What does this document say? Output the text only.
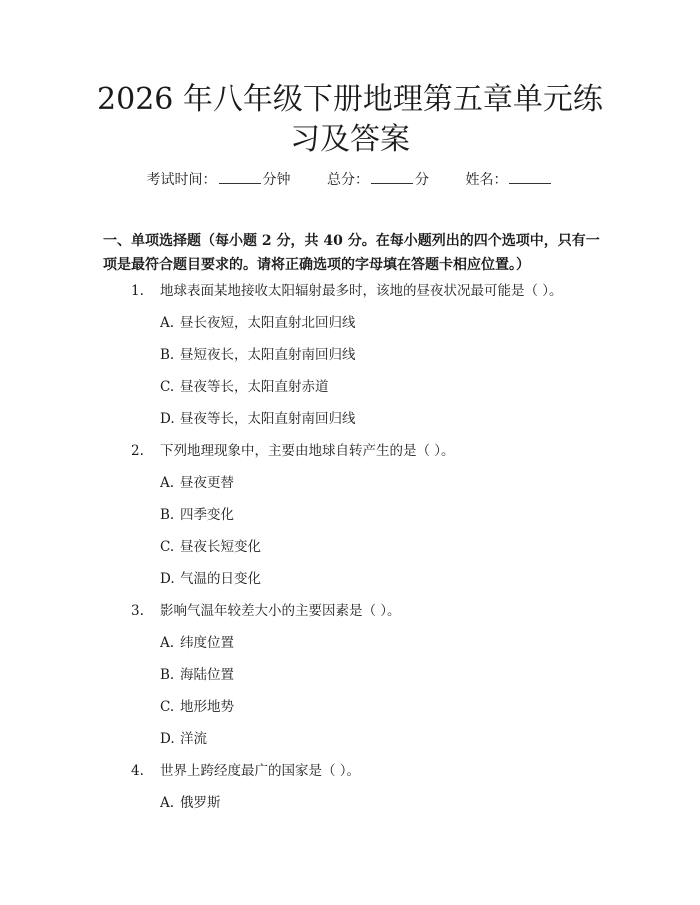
2026 年八年级下册地理第五章单元练习及答案
考试时间：	分钟	总分：	分	姓名：

一、单项选择题（每小题 2 分，共 40 分。在每小题列出的四个选项中，只有一项是最符合题目要求的。请将正确选项的字母填在答题卡相应位置。）

1. 地球表面某地接收太阳辐射最多时，该地的昼夜状况最可能是（ ）。
A. 昼长夜短，太阳直射北回归线
B. 昼短夜长，太阳直射南回归线
C. 昼夜等长，太阳直射赤道
D. 昼夜等长，太阳直射南回归线
2. 下列地理现象中，主要由地球自转产生的是（ ）。
A. 昼夜更替
B. 四季变化
C. 昼夜长短变化
D. 气温的日变化
3. 影响气温年较差大小的主要因素是（ ）。
A. 纬度位置
B. 海陆位置
C. 地形地势
D. 洋流
4. 世界上跨经度最广的国家是（ ）。
A. 俄罗斯
